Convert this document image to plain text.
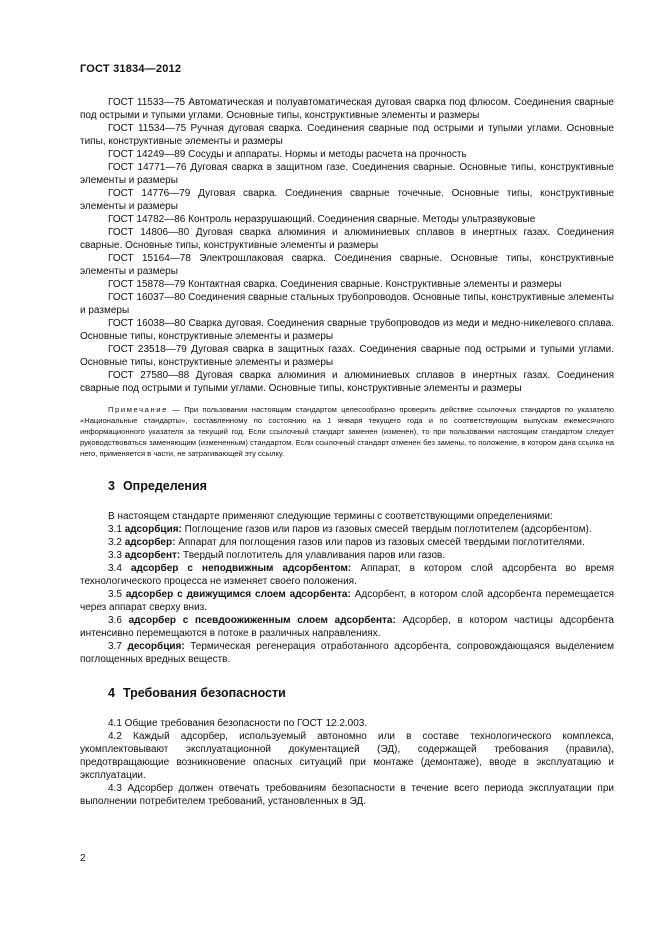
ГОСТ 31834—2012

ГОСТ 11533—75 Автоматическая и полуавтоматическая дуговая сварка под флюсом. Соединения сварные под острыми и тупыми углами. Основные типы, конструктивные элементы и размеры

ГОСТ 11534—75 Ручная дуговая сварка. Соединения сварные под острыми и тупыми углами. Основные типы, конструктивные элементы и размеры

ГОСТ 14249—89 Сосуды и аппараты. Нормы и методы расчета на прочность

ГОСТ 14771—76 Дуговая сварка в защитном газе. Соединения сварные. Основные типы, конструктивные элементы и размеры

ГОСТ 14776—79 Дуговая сварка. Соединения сварные точечные. Основные типы, конструктивные элементы и размеры

ГОСТ 14782—86 Контроль неразрушающий. Соединения сварные. Методы ультразвуковые

ГОСТ 14806—80 Дуговая сварка алюминия и алюминиевых сплавов в инертных газах. Соединения сварные. Основные типы, конструктивные элементы и размеры

ГОСТ 15164—78 Электрошлаковая сварка. Соединения сварные. Основные типы, конструктивные элементы и размеры

ГОСТ 15878—79 Контактная сварка. Соединения сварные. Конструктивные элементы и размеры

ГОСТ 16037—80 Соединения сварные стальных трубопроводов. Основные типы, конструктивные элементы и размеры

ГОСТ 16038—80 Сварка дуговая. Соединения сварные трубопроводов из меди и медно-никелевого сплава. Основные типы, конструктивные элементы и размеры

ГОСТ 23518—79 Дуговая сварка в защитных газах. Соединения сварные под острыми и тупыми углами. Основные типы, конструктивные элементы и размеры

ГОСТ 27580—88 Дуговая сварка алюминия и алюминиевых сплавов в инертных газах. Соединения сварные под острыми и тупыми углами. Основные типы, конструктивные элементы и размеры

Примечание — При пользовании настоящим стандартом целесообразно проверить действие ссылочных стандартов по указателю «Национальные стандарты», составленному по состоянию на 1 января текущего года и по соответствующим выпускам ежемесячного информационного указателя за текущий год. Если ссылочный стандарт заменен (изменен), то при пользовании настоящим стандартом следует руководствоваться заменяющим (измененным) стандартом. Если ссылочный стандарт отменен без замены, то положение, в котором дана ссылка на него, применяется в части, не затрагивающей эту ссылку.

3 Определения

В настоящем стандарте применяют следующие термины с соответствующими определениями:

3.1 адсорбция: Поглощение газов или паров из газовых смесей твердым поглотителем (адсорбентом).

3.2 адсорбер: Аппарат для поглощения газов или паров из газовых смесей твердыми поглотителями.

3.3 адсорбент: Твердый поглотитель для улавливания паров или газов.

3.4 адсорбер с неподвижным адсорбентом: Аппарат, в котором слой адсорбента во время технологического процесса не изменяет своего положения.

3.5 адсорбер с движущимся слоем адсорбента: Адсорбент, в котором слой адсорбента перемещается через аппарат сверху вниз.

3.6 адсорбер с псевдоожиженным слоем адсорбента: Адсорбер, в котором частицы адсорбента интенсивно перемещаются в потоке в различных направлениях.

3.7 десорбция: Термическая регенерация отработанного адсорбента, сопровождающаяся выделением поглощенных вредных веществ.

4 Требования безопасности

4.1 Общие требования безопасности по ГОСТ 12.2.003.

4.2 Каждый адсорбер, используемый автономно или в составе технологического комплекса, укомплектовывают эксплуатационной документацией (ЭД), содержащей требования (правила), предотвращающие возникновение опасных ситуаций при монтаже (демонтаже), вводе в эксплуатацию и эксплуатации.

4.3 Адсорбер должен отвечать требованиям безопасности в течение всего периода эксплуатации при выполнении потребителем требований, установленных в ЭД.

2
